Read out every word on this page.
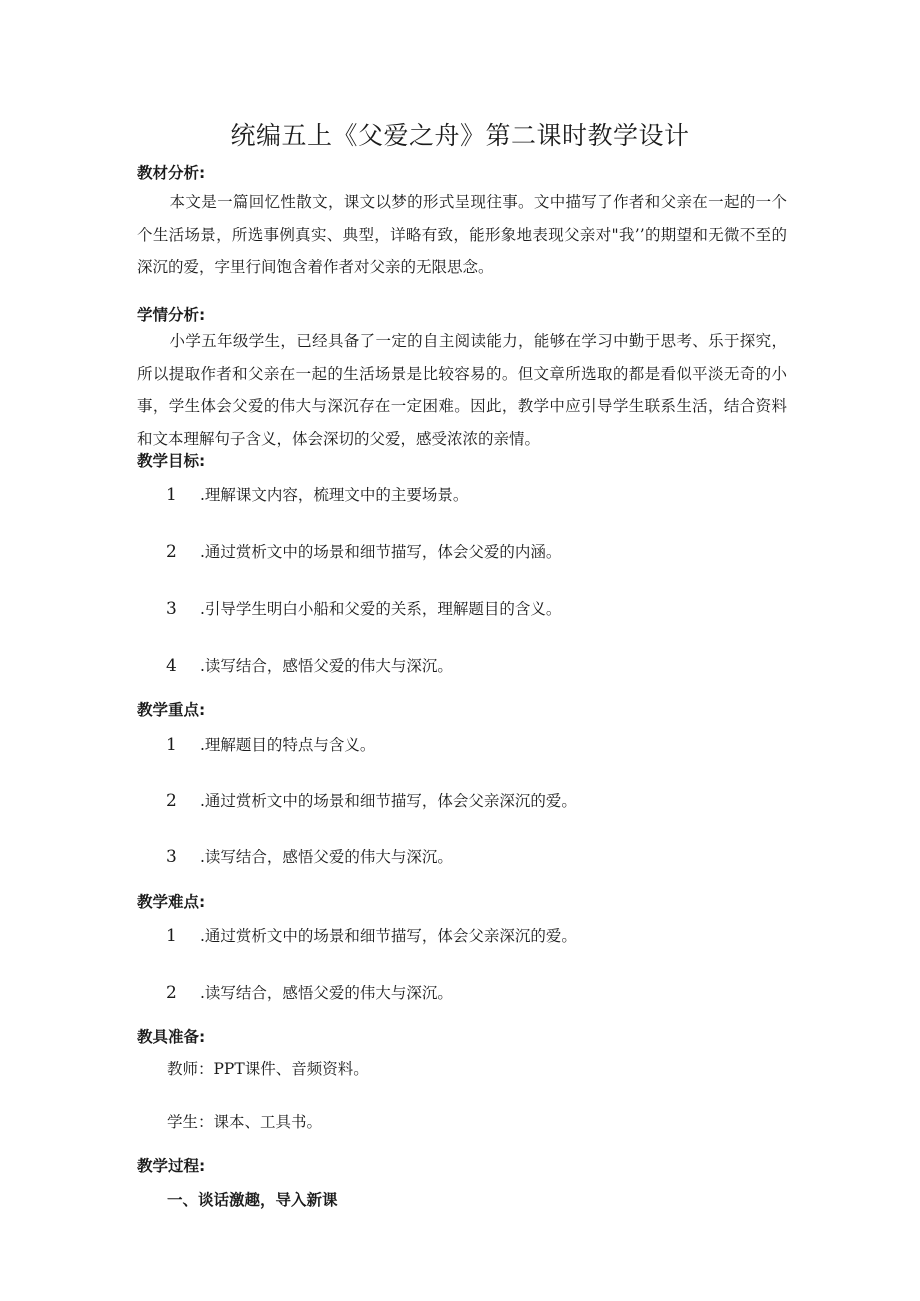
统编五上《父爱之舟》第二课时教学设计
教材分析:

本文是一篇回忆性散文，课文以梦的形式呈现往事。文中描写了作者和父亲在一起的一个个生活场景，所选事例真实、典型，详略有致，能形象地表现父亲对"我’’的期望和无微不至的深沉的爱，字里行间饱含着作者对父亲的无限思念。

学情分析:

小学五年级学生，已经具备了一定的自主阅读能力，能够在学习中勤于思考、乐于探究，所以提取作者和父亲在一起的生活场景是比较容易的。但文章所选取的都是看似平淡无奇的小事，学生体会父爱的伟大与深沉存在一定困难。因此，教学中应引导学生联系生活，结合资料和文本理解句子含义，体会深切的父爱，感受浓浓的亲情。

教学目标:
1 .理解课文内容，梳理文中的主要场景。
2 .通过赏析文中的场景和细节描写，体会父爱的内涵。
3 .引导学生明白小船和父爱的关系，理解题目的含义。
4 .读写结合，感悟父爱的伟大与深沉。
教学重点:
1 .理解题目的特点与含义。
2 .通过赏析文中的场景和细节描写，体会父亲深沉的爱。
3 .读写结合，感悟父爱的伟大与深沉。
教学难点:
1 .通过赏析文中的场景和细节描写，体会父亲深沉的爱。
2 .读写结合，感悟父爱的伟大与深沉。
教具准备:
教师：PPT课件、音频资料。
学生：课本、工具书。
教学过程:
一、谈话激趣，导入新课
